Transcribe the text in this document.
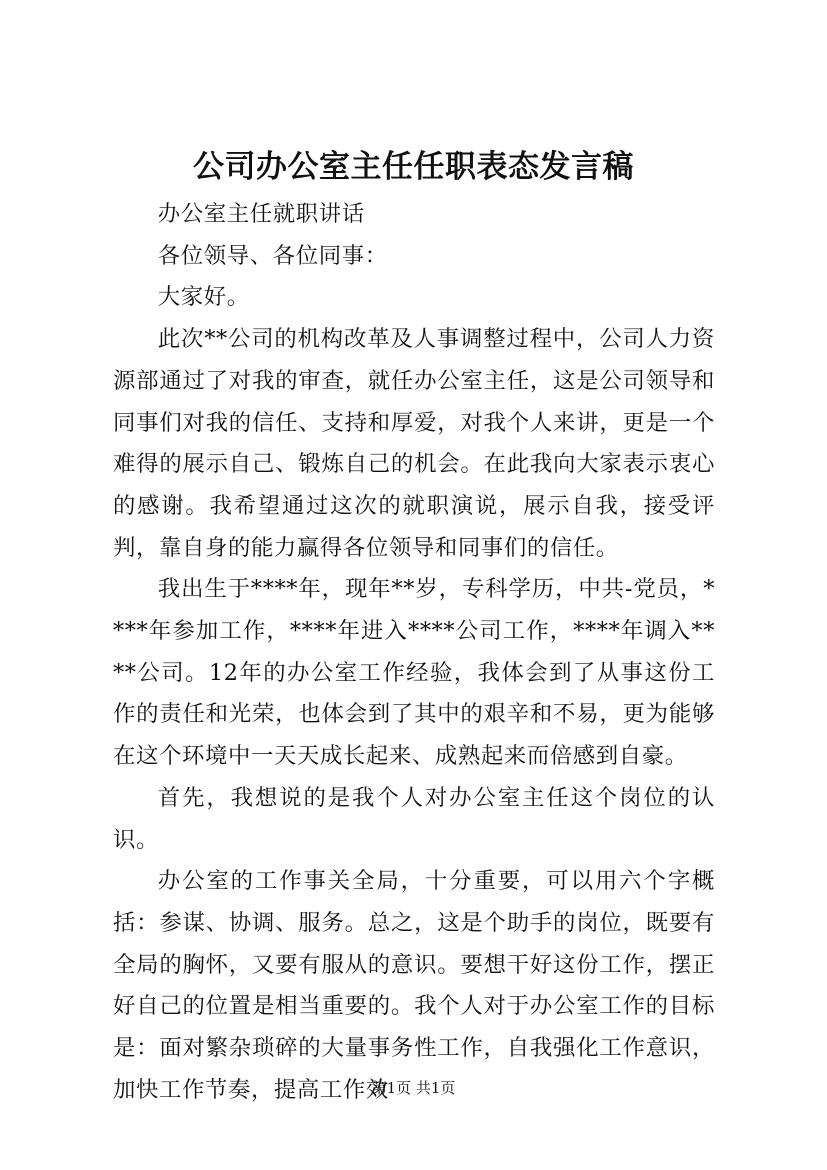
公司办公室主任任职表态发言稿

办公室主任就职讲话

各位领导、各位同事：

大家好。

此次**公司的机构改革及人事调整过程中，公司人力资源部通过了对我的审查，就任办公室主任，这是公司领导和同事们对我的信任、支持和厚爱，对我个人来讲，更是一个难得的展示自己、锻炼自己的机会。在此我向大家表示衷心的感谢。我希望通过这次的就职演说，展示自我，接受评判，靠自身的能力赢得各位领导和同事们的信任。

我出生于****年，现年**岁，专科学历，中共-党员，****年参加工作，****年进入****公司工作，****年调入****公司。12年的办公室工作经验，我体会到了从事这份工作的责任和光荣，也体会到了其中的艰辛和不易，更为能够在这个环境中一天天成长起来、成熟起来而倍感到自豪。

首先，我想说的是我个人对办公室主任这个岗位的认识。

办公室的工作事关全局，十分重要，可以用六个字概括：参谋、协调、服务。总之，这是个助手的岗位，既要有全局的胸怀，又要有服从的意识。要想干好这份工作，摆正好自己的位置是相当重要的。我个人对于办公室工作的目标是：面对繁杂琐碎的大量事务性工作，自我强化工作意识，加快工作节奏，提高工作效

第1页 共1页
